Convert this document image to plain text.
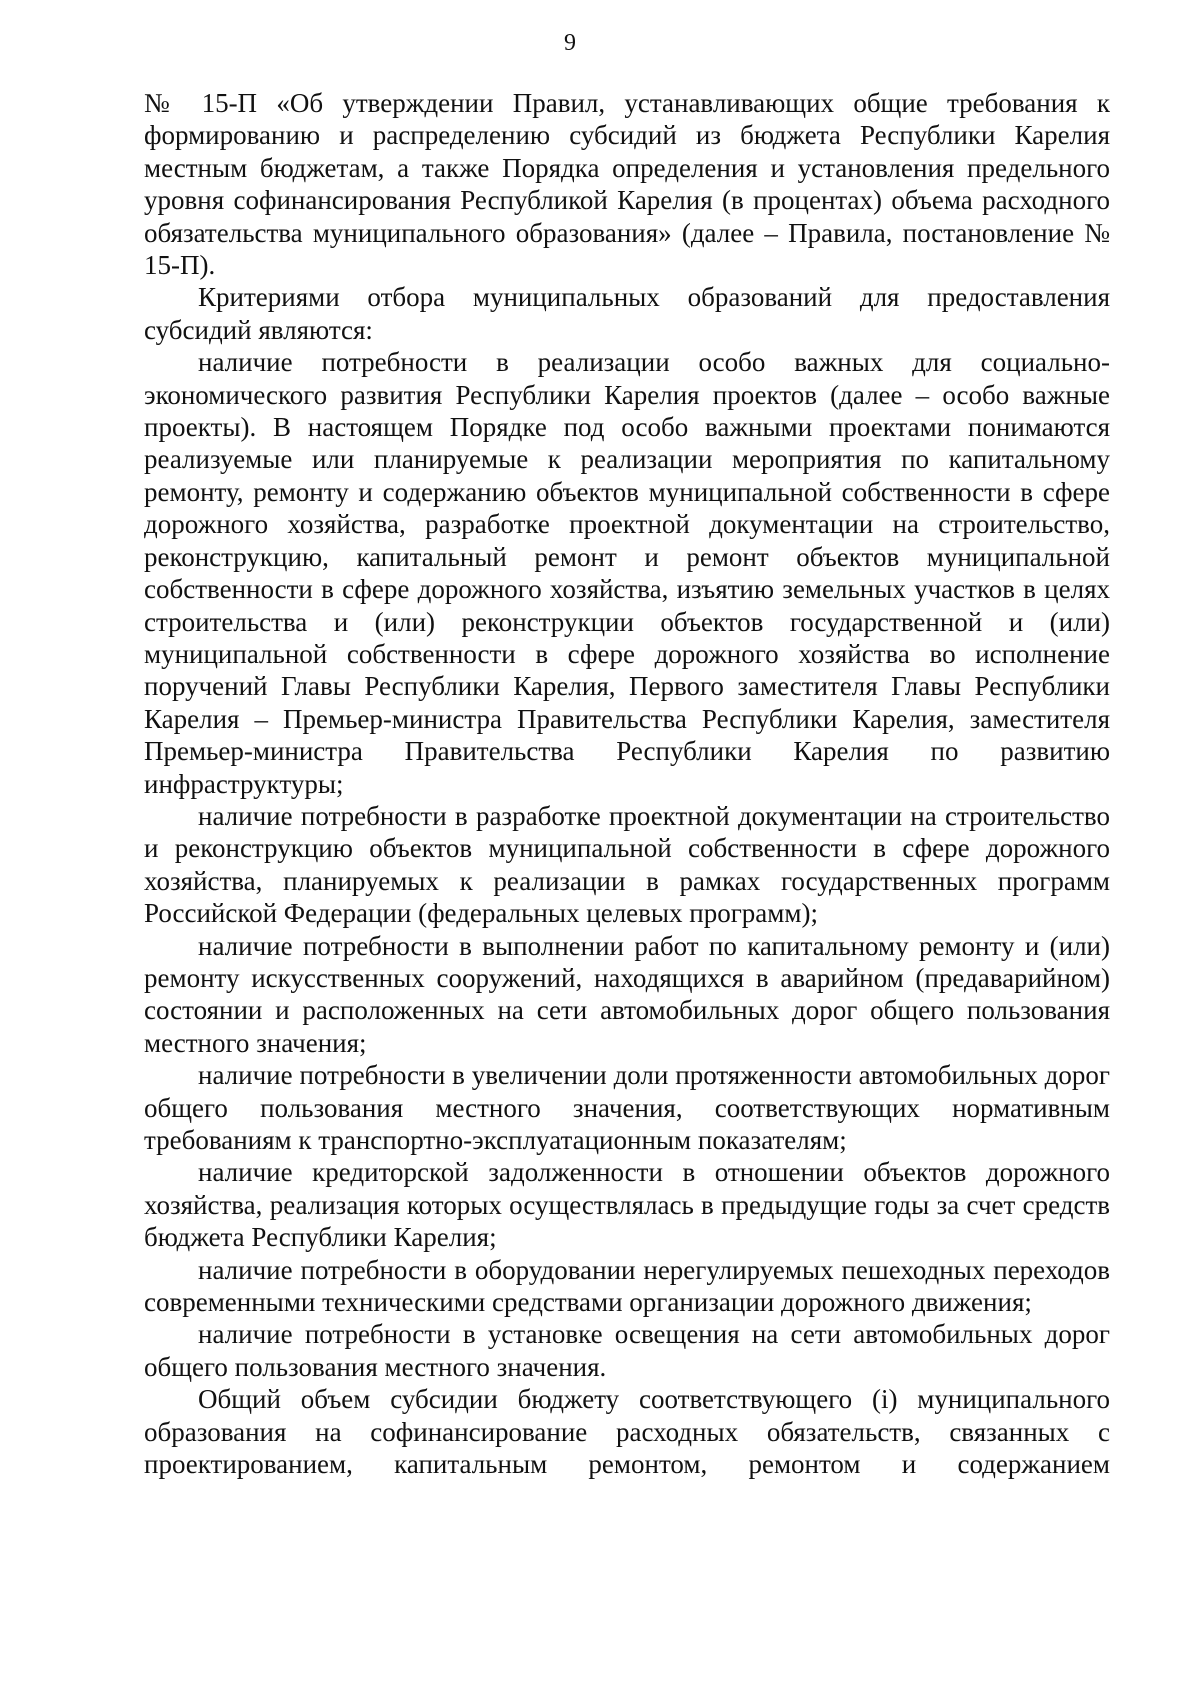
9

№ 15-П «Об утверждении Правил, устанавливающих общие требования к формированию и распределению субсидий из бюджета Республики Карелия местным бюджетам, а также Порядка определения и установления предельного уровня софинансирования Республикой Карелия (в процентах) объема расходного обязательства муниципального образования» (далее – Правила, постановление № 15-П).

Критериями отбора муниципальных образований для предоставления субсидий являются:

наличие потребности в реализации особо важных для социально-экономического развития Республики Карелия проектов (далее – особо важные проекты). В настоящем Порядке под особо важными проектами понимаются реализуемые или планируемые к реализации мероприятия по капитальному ремонту, ремонту и содержанию объектов муниципальной собственности в сфере дорожного хозяйства, разработке проектной документации на строительство, реконструкцию, капитальный ремонт и ремонт объектов муниципальной собственности в сфере дорожного хозяйства, изъятию земельных участков в целях строительства и (или) реконструкции объектов государственной и (или) муниципальной собственности в сфере дорожного хозяйства во исполнение поручений Главы Республики Карелия, Первого заместителя Главы Республики Карелия – Премьер-министра Правительства Республики Карелия, заместителя Премьер-министра Правительства Республики Карелия по развитию инфраструктуры;

наличие потребности в разработке проектной документации на строительство и реконструкцию объектов муниципальной собственности в сфере дорожного хозяйства, планируемых к реализации в рамках государственных программ Российской Федерации (федеральных целевых программ);

наличие потребности в выполнении работ по капитальному ремонту и (или) ремонту искусственных сооружений, находящихся в аварийном (предаварийном) состоянии и расположенных на сети автомобильных дорог общего пользования местного значения;

наличие потребности в увеличении доли протяженности автомобильных дорог общего пользования местного значения, соответствующих нормативным требованиям к транспортно-эксплуатационным показателям;

наличие кредиторской задолженности в отношении объектов дорожного хозяйства, реализация которых осуществлялась в предыдущие годы за счет средств бюджета Республики Карелия;

наличие потребности в оборудовании нерегулируемых пешеходных переходов современными техническими средствами организации дорожного движения;

наличие потребности в установке освещения на сети автомобильных дорог общего пользования местного значения.

Общий объем субсидии бюджету соответствующего (i) муниципального образования на софинансирование расходных обязательств, связанных с проектированием, капитальным ремонтом, ремонтом и содержанием
